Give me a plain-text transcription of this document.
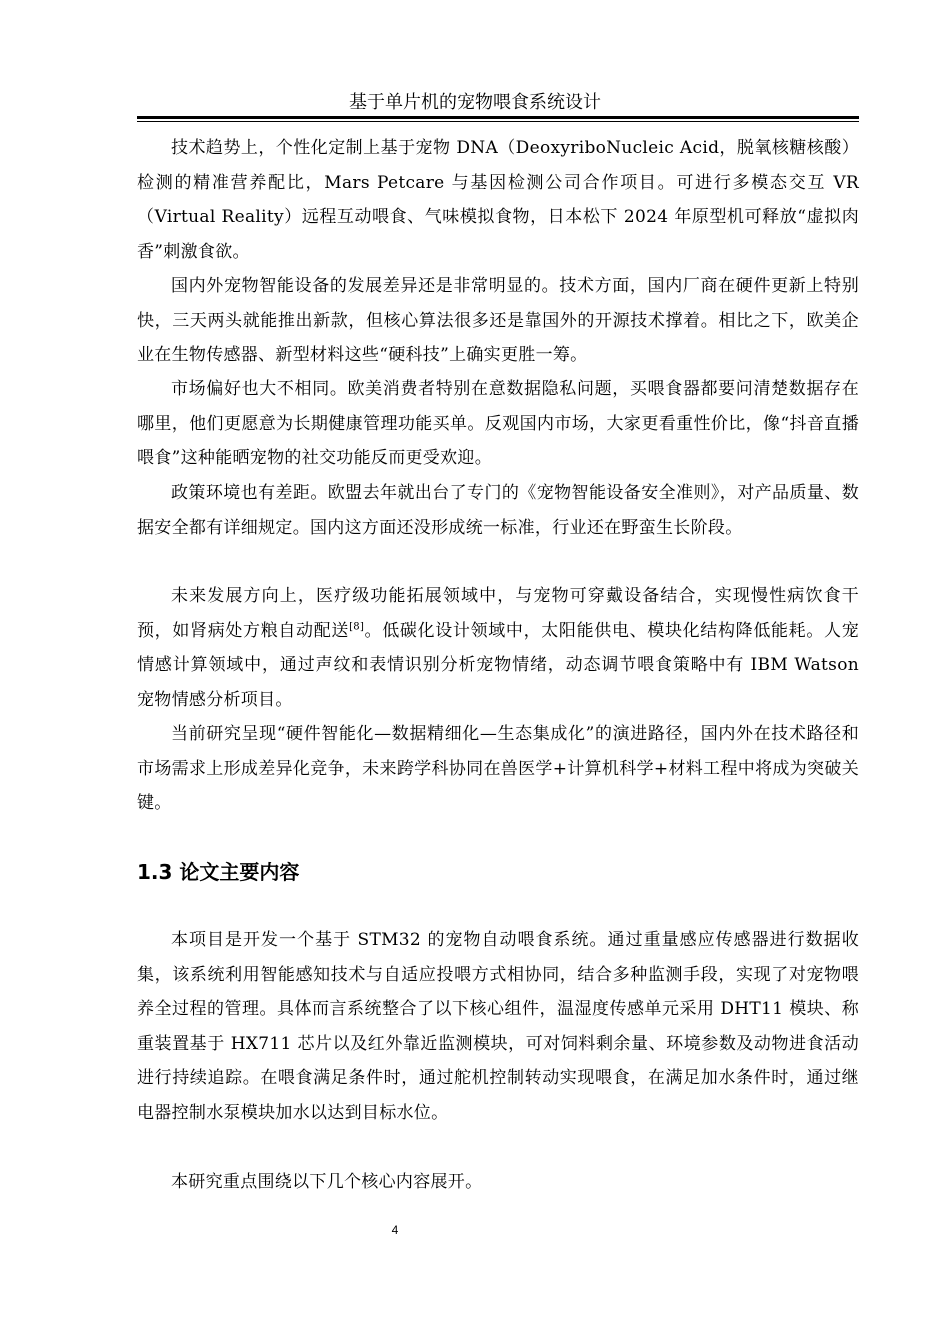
基于单片机的宠物喂食系统设计

技术趋势上，个性化定制上基于宠物 DNA（DeoxyriboNucleic Acid，脱氧核糖核酸）检测的精准营养配比，Mars Petcare 与基因检测公司合作项目。可进行多模态交互 VR（Virtual Reality）远程互动喂食、气味模拟食物，日本松下 2024 年原型机可释放“虚拟肉香”刺激食欲。

国内外宠物智能设备的发展差异还是非常明显的。技术方面，国内厂商在硬件更新上特别快，三天两头就能推出新款，但核心算法很多还是靠国外的开源技术撑着。相比之下，欧美企业在生物传感器、新型材料这些“硬科技”上确实更胜一筹。

市场偏好也大不相同。欧美消费者特别在意数据隐私问题，买喂食器都要问清楚数据存在哪里，他们更愿意为长期健康管理功能买单。反观国内市场，大家更看重性价比，像“抖音直播喂食”这种能晒宠物的社交功能反而更受欢迎。

政策环境也有差距。欧盟去年就出台了专门的《宠物智能设备安全准则》，对产品质量、数据安全都有详细规定。国内这方面还没形成统一标准，行业还在野蛮生长阶段。

未来发展方向上，医疗级功能拓展领域中，与宠物可穿戴设备结合，实现慢性病饮食干预，如肾病处方粮自动配送[8]。低碳化设计领域中，太阳能供电、模块化结构降低能耗。人宠情感计算领域中，通过声纹和表情识别分析宠物情绪，动态调节喂食策略中有 IBM Watson 宠物情感分析项目。

当前研究呈现“硬件智能化—数据精细化—生态集成化”的演进路径，国内外在技术路径和市场需求上形成差异化竞争，未来跨学科协同在兽医学+计算机科学+材料工程中将成为突破关键。

1.3 论文主要内容

本项目是开发一个基于 STM32 的宠物自动喂食系统。通过重量感应传感器进行数据收集，该系统利用智能感知技术与自适应投喂方式相协同，结合多种监测手段，实现了对宠物喂养全过程的管理。具体而言系统整合了以下核心组件，温湿度传感单元采用 DHT11 模块、称重装置基于 HX711 芯片以及红外靠近监测模块，可对饲料剩余量、环境参数及动物进食活动进行持续追踪。在喂食满足条件时，通过舵机控制转动实现喂食，在满足加水条件时，通过继电器控制水泵模块加水以达到目标水位。

本研究重点围绕以下几个核心内容展开。

4
